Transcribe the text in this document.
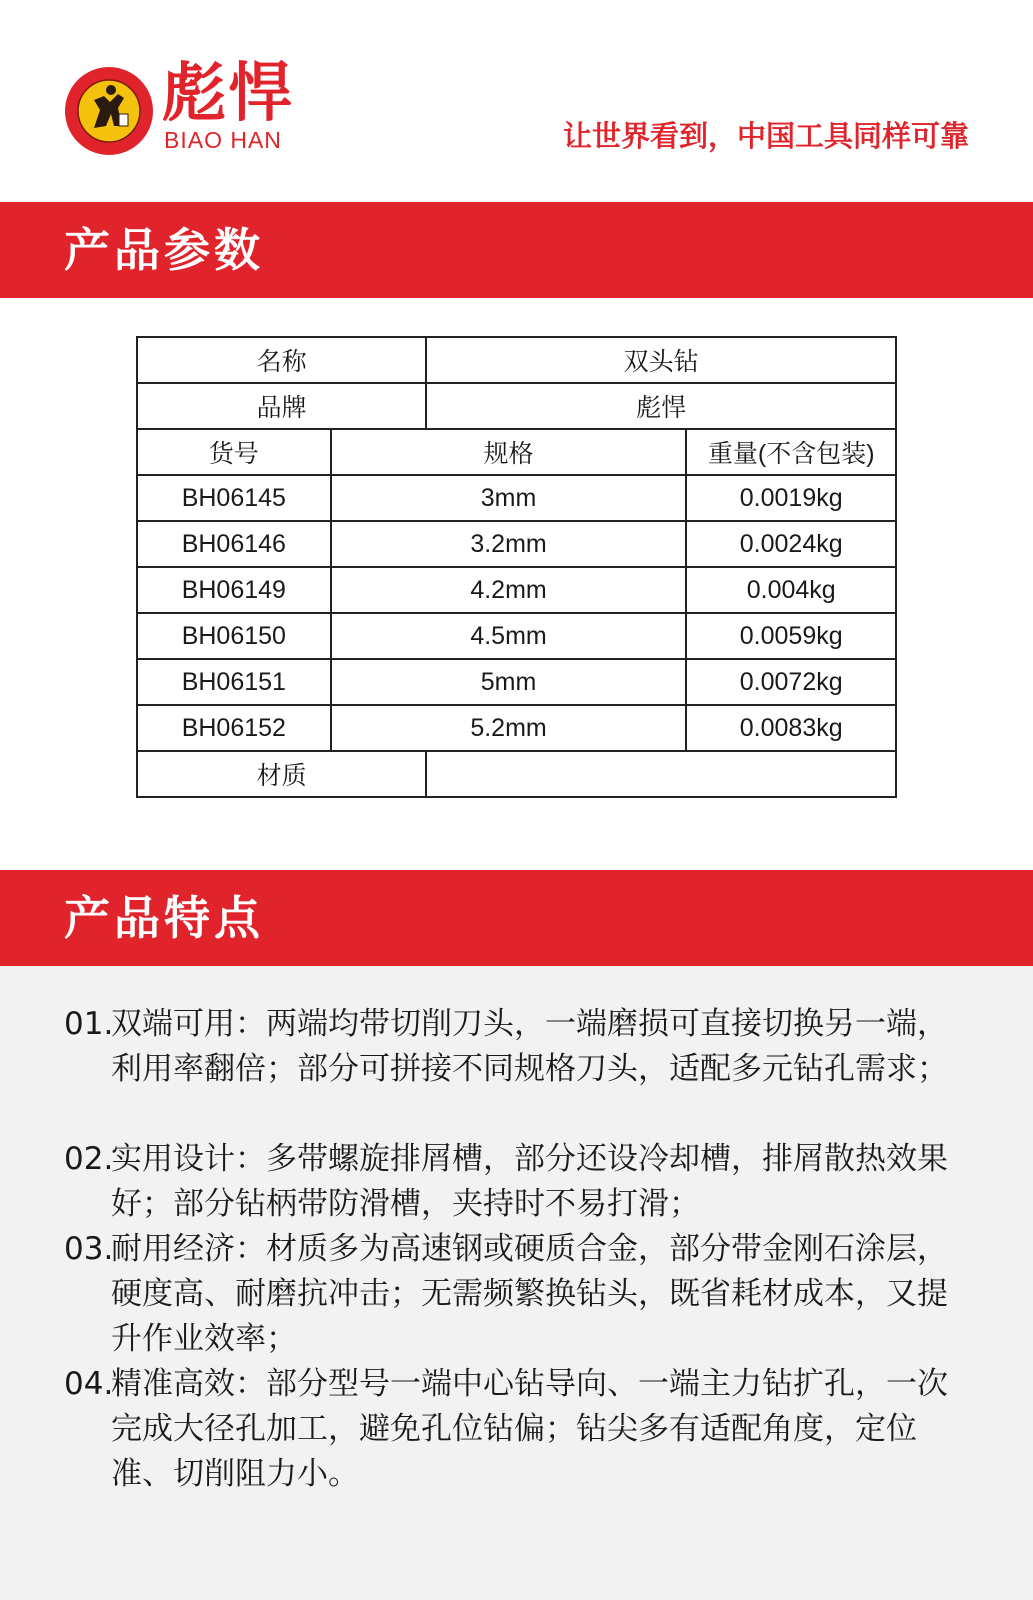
彪悍
BIAO HAN	让世界看到，中国工具同样可靠
产品参数
名称		双头钻	
品牌		彪悍	
货号	规格		重量(不含包装)
BH06145	3mm		0.0019kg
BH06146	3.2mm		0.0024kg
BH06149	4.2mm		0.004kg
BH06150	4.5mm		0.0059kg
BH06151	5mm		0.0072kg
BH06152	5.2mm		0.0083kg
材质			
产品特点
01.
双端可用：两端均带切削刀头，一端磨损可直接切换另一端，利用率翻倍；部分可拼接不同规格刀头，适配多元钻孔需求；
02.
实用设计：多带螺旋排屑槽，部分还设冷却槽，排屑散热效果好；部分钻柄带防滑槽，夹持时不易打滑；
03.
耐用经济：材质多为高速钢或硬质合金，部分带金刚石涂层，硬度高、耐磨抗冲击；无需频繁换钻头，既省耗材成本，又提升作业效率；
04.
精准高效：部分型号一端中心钻导向、一端主力钻扩孔，一次完成大径孔加工，避免孔位钻偏；钻尖多有适配角度，定位准、切削阻力小。
